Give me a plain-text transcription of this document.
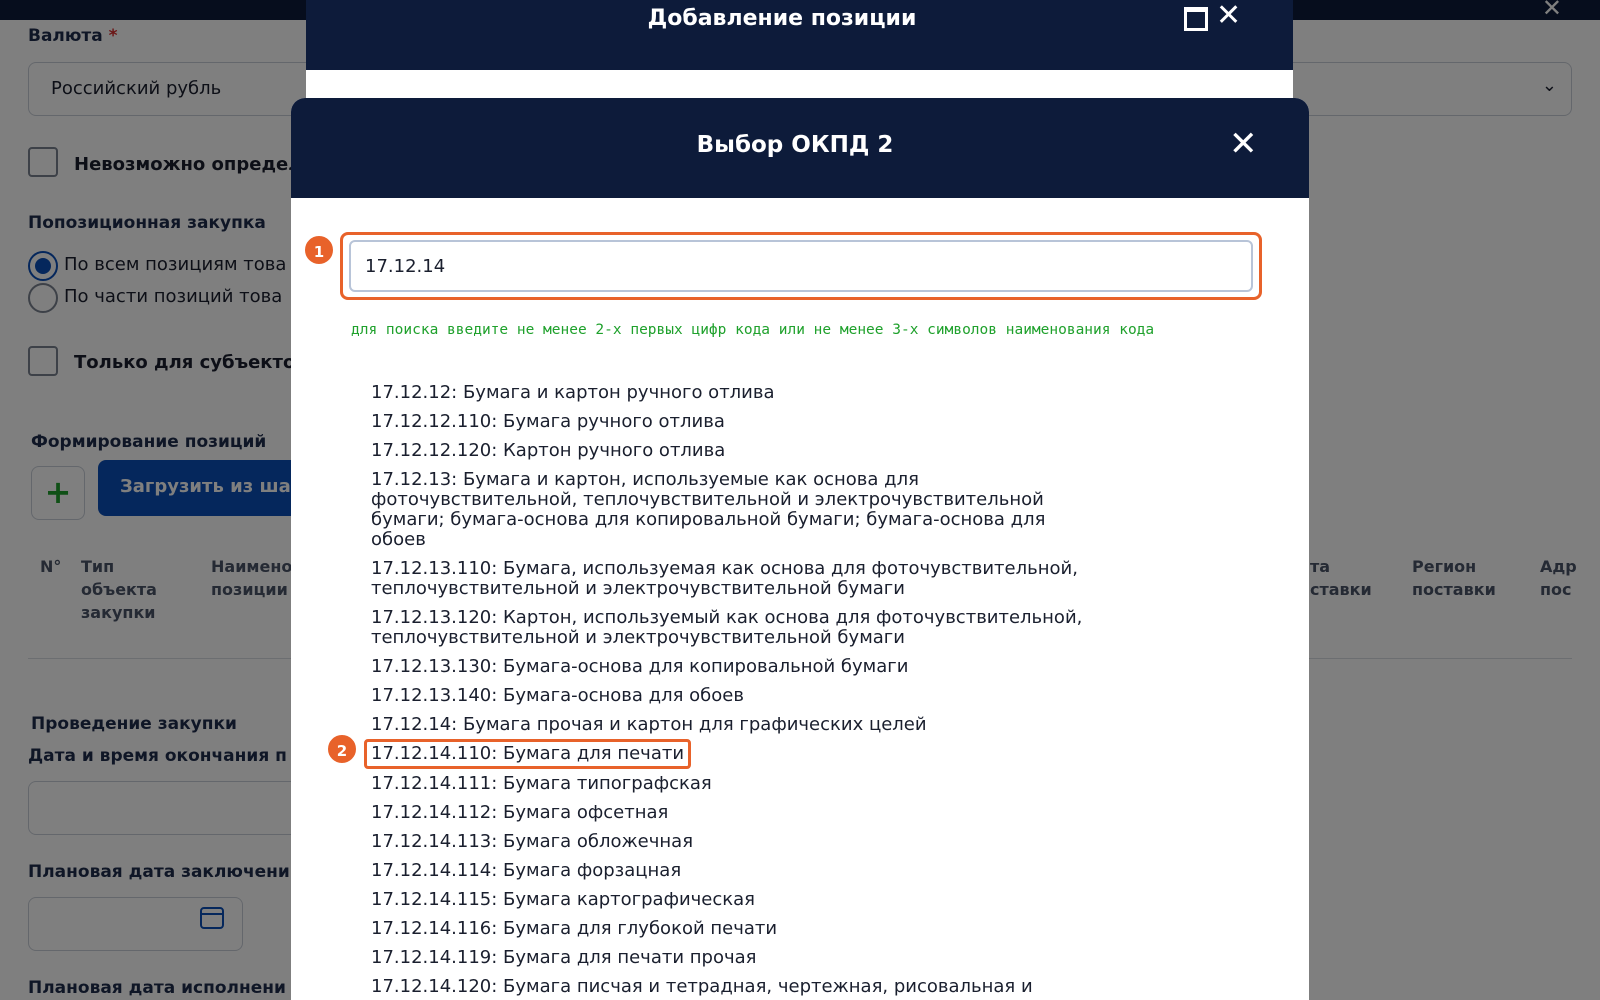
Добавление позиции	✕
Выбор ОКПД 2	✕
17.12.14
для поиска введите не менее 2-х первых цифр кода или не менее 3-х символов наименования кода
17.12.12: Бумага и картон ручного отлива
17.12.12.110: Бумага ручного отлива
17.12.12.120: Картон ручного отлива
17.12.13: Бумага и картон, используемые как основа для фоточувствительной, теплочувствительной и электрочувствительной бумаги; бумага-основа для копировальной бумаги; бумага-основа для обоев
17.12.13.110: Бумага, используемая как основа для фоточувствительной, теплочувствительной и электрочувствительной бумаги
17.12.13.120: Картон, используемый как основа для фоточувствительной, теплочувствительной и электрочувствительной бумаги
17.12.13.130: Бумага-основа для копировальной бумаги
17.12.13.140: Бумага-основа для обоев
17.12.14: Бумага прочая и картон для графических целей
17.12.14.110: Бумага для печати
17.12.14.111: Бумага типографская
17.12.14.112: Бумага офсетная
17.12.14.113: Бумага обложечная
17.12.14.114: Бумага форзацная
17.12.14.115: Бумага картографическая
17.12.14.116: Бумага для глубокой печати
17.12.14.119: Бумага для печати прочая
17.12.14.120: Бумага писчая и тетрадная, чертежная, рисовальная и
1
2
